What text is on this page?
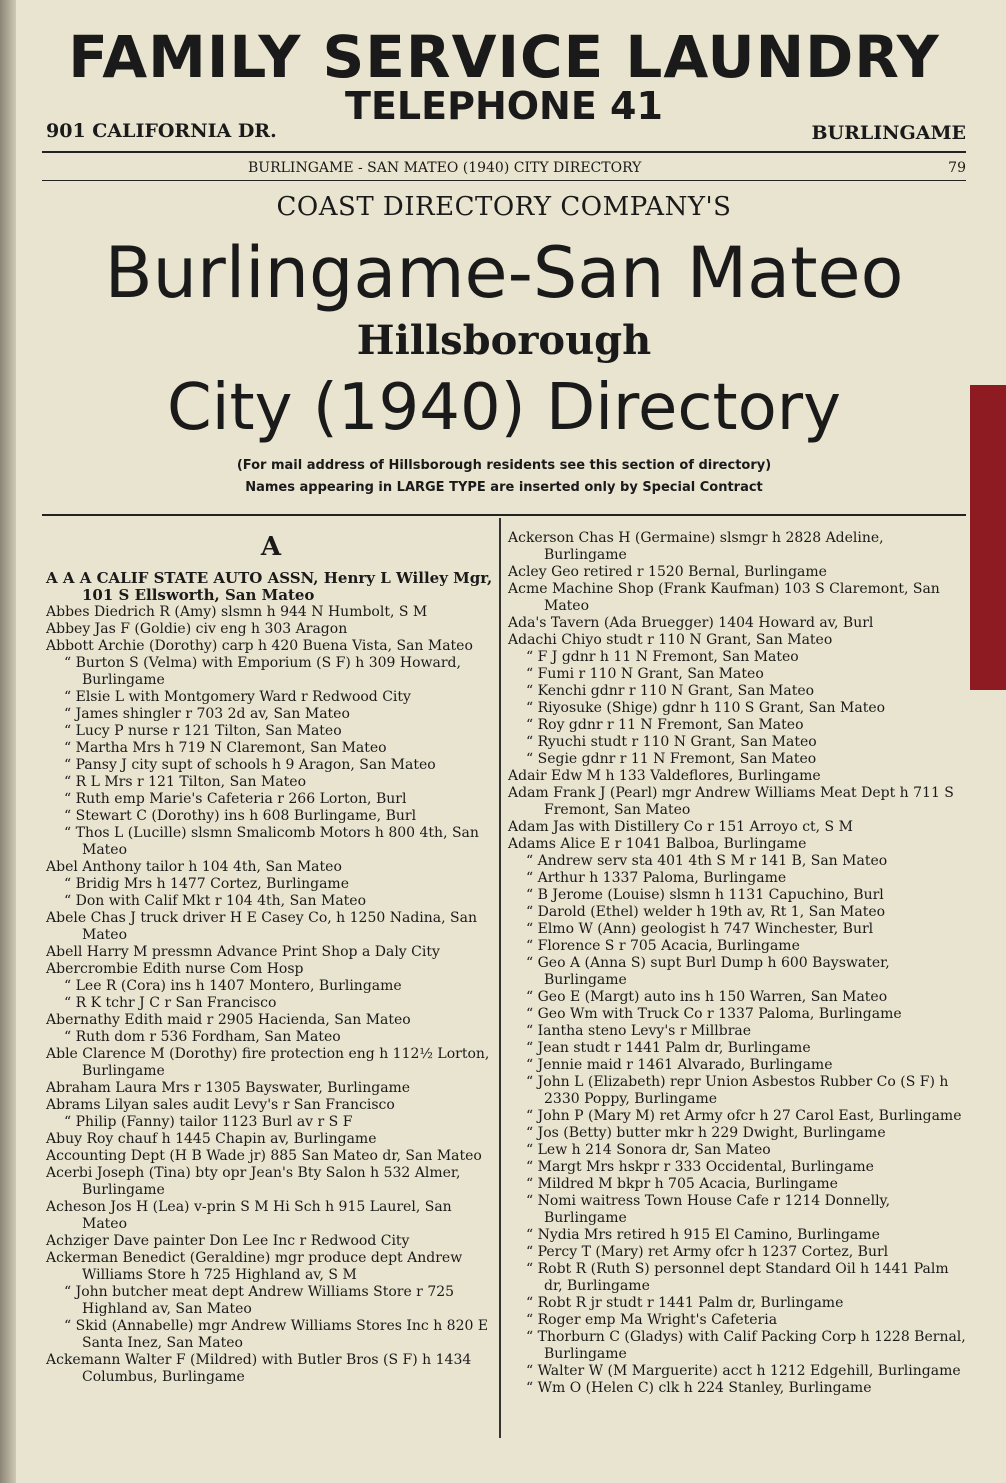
FAMILY SERVICE LAUNDRY
TELEPHONE 41
901 CALIFORNIA DR.	BURLINGAME
BURLINGAME - SAN MATEO (1940) CITY DIRECTORY	79
COAST DIRECTORY COMPANY'S
Burlingame-San Mateo
Hillsborough
City (1940) Directory
(For mail address of Hillsborough residents see this section of directory)
Names appearing in LARGE TYPE are inserted only by Special Contract
A
A A A CALIF STATE AUTO ASSN, Henry L Willey Mgr, 101 S Ellsworth, San Mateo
Abbes Diedrich R (Amy) slsmn h 944 N Humbolt, S M
Abbey Jas F (Goldie) civ eng h 303 Aragon
Abbott Archie (Dorothy) carp h 420 Buena Vista, San Mateo
“ Burton S (Velma) with Emporium (S F) h 309 Howard, Burlingame
“ Elsie L with Montgomery Ward r Redwood City
“ James shingler r 703 2d av, San Mateo
“ Lucy P nurse r 121 Tilton, San Mateo
“ Martha Mrs h 719 N Claremont, San Mateo
“ Pansy J city supt of schools h 9 Aragon, San Mateo
“ R L Mrs r 121 Tilton, San Mateo
“ Ruth emp Marie's Cafeteria r 266 Lorton, Burl
“ Stewart C (Dorothy) ins h 608 Burlingame, Burl
“ Thos L (Lucille) slsmn Smalicomb Motors h 800 4th, San Mateo
Abel Anthony tailor h 104 4th, San Mateo
“ Bridig Mrs h 1477 Cortez, Burlingame
“ Don with Calif Mkt r 104 4th, San Mateo
Abele Chas J truck driver H E Casey Co, h 1250 Nadina, San Mateo
Abell Harry M pressmn Advance Print Shop a Daly City
Abercrombie Edith nurse Com Hosp
“ Lee R (Cora) ins h 1407 Montero, Burlingame
“ R K tchr J C r San Francisco
Abernathy Edith maid r 2905 Hacienda, San Mateo
“ Ruth dom r 536 Fordham, San Mateo
Able Clarence M (Dorothy) fire protection eng h 112½ Lorton, Burlingame
Abraham Laura Mrs r 1305 Bayswater, Burlingame
Abrams Lilyan sales audit Levy's r San Francisco
“ Philip (Fanny) tailor 1123 Burl av r S F
Abuy Roy chauf h 1445 Chapin av, Burlingame
Accounting Dept (H B Wade jr) 885 San Mateo dr, San Mateo
Acerbi Joseph (Tina) bty opr Jean's Bty Salon h 532 Almer, Burlingame
Acheson Jos H (Lea) v-prin S M Hi Sch h 915 Laurel, San Mateo
Achziger Dave painter Don Lee Inc r Redwood City
Ackerman Benedict (Geraldine) mgr produce dept Andrew Williams Store h 725 Highland av, S M
“ John butcher meat dept Andrew Williams Store r 725 Highland av, San Mateo
“ Skid (Annabelle) mgr Andrew Williams Stores Inc h 820 E Santa Inez, San Mateo
Ackemann Walter F (Mildred) with Butler Bros (S F) h 1434 Columbus, Burlingame
Ackerson Chas H (Germaine) slsmgr h 2828 Adeline, Burlingame
Acley Geo retired r 1520 Bernal, Burlingame
Acme Machine Shop (Frank Kaufman) 103 S Claremont, San Mateo
Ada's Tavern (Ada Bruegger) 1404 Howard av, Burl
Adachi Chiyo studt r 110 N Grant, San Mateo
“ F J gdnr h 11 N Fremont, San Mateo
“ Fumi r 110 N Grant, San Mateo
“ Kenchi gdnr r 110 N Grant, San Mateo
“ Riyosuke (Shige) gdnr h 110 S Grant, San Mateo
“ Roy gdnr r 11 N Fremont, San Mateo
“ Ryuchi studt r 110 N Grant, San Mateo
“ Segie gdnr r 11 N Fremont, San Mateo
Adair Edw M h 133 Valdeflores, Burlingame
Adam Frank J (Pearl) mgr Andrew Williams Meat Dept h 711 S Fremont, San Mateo
Adam Jas with Distillery Co r 151 Arroyo ct, S M
Adams Alice E r 1041 Balboa, Burlingame
“ Andrew serv sta 401 4th S M r 141 B, San Mateo
“ Arthur h 1337 Paloma, Burlingame
“ B Jerome (Louise) slsmn h 1131 Capuchino, Burl
“ Darold (Ethel) welder h 19th av, Rt 1, San Mateo
“ Elmo W (Ann) geologist h 747 Winchester, Burl
“ Florence S r 705 Acacia, Burlingame
“ Geo A (Anna S) supt Burl Dump h 600 Bayswater, Burlingame
“ Geo E (Margt) auto ins h 150 Warren, San Mateo
“ Geo Wm with Truck Co r 1337 Paloma, Burlingame
“ Iantha steno Levy's r Millbrae
“ Jean studt r 1441 Palm dr, Burlingame
“ Jennie maid r 1461 Alvarado, Burlingame
“ John L (Elizabeth) repr Union Asbestos Rubber Co (S F) h 2330 Poppy, Burlingame
“ John P (Mary M) ret Army ofcr h 27 Carol East, Burlingame
“ Jos (Betty) butter mkr h 229 Dwight, Burlingame
“ Lew h 214 Sonora dr, San Mateo
“ Margt Mrs hskpr r 333 Occidental, Burlingame
“ Mildred M bkpr h 705 Acacia, Burlingame
“ Nomi waitress Town House Cafe r 1214 Donnelly, Burlingame
“ Nydia Mrs retired h 915 El Camino, Burlingame
“ Percy T (Mary) ret Army ofcr h 1237 Cortez, Burl
“ Robt R (Ruth S) personnel dept Standard Oil h 1441 Palm dr, Burlingame
“ Robt R jr studt r 1441 Palm dr, Burlingame
“ Roger emp Ma Wright's Cafeteria
“ Thorburn C (Gladys) with Calif Packing Corp h 1228 Bernal, Burlingame
“ Walter W (M Marguerite) acct h 1212 Edgehill, Burlingame
“ Wm O (Helen C) clk h 224 Stanley, Burlingame
